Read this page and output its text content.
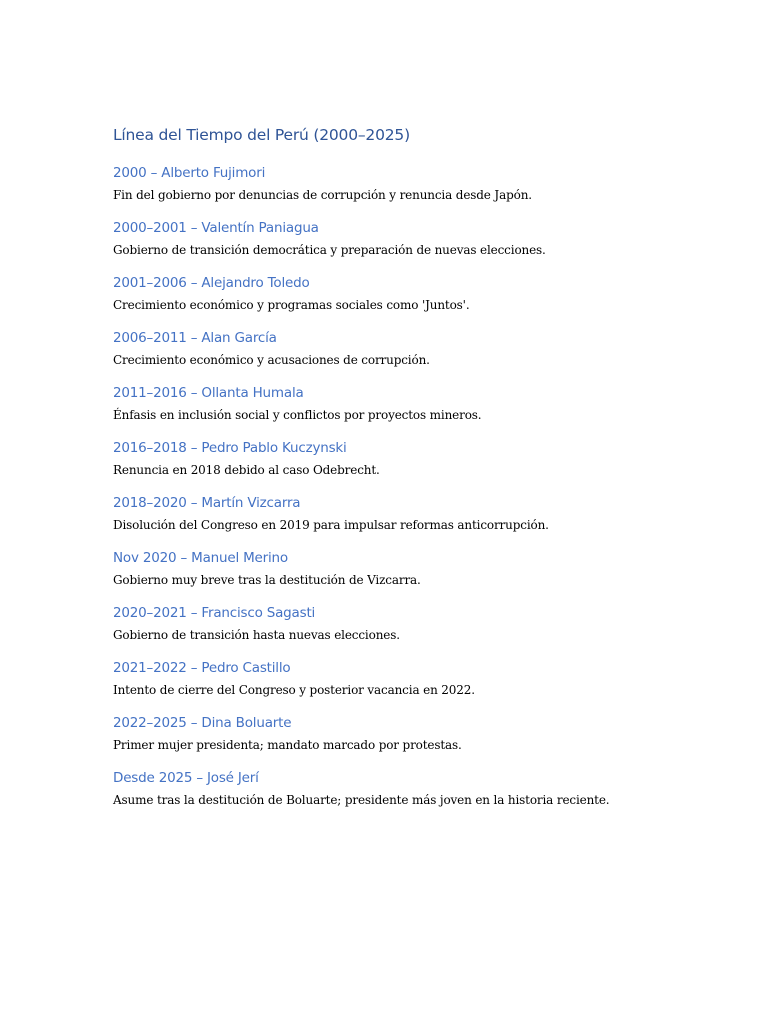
Línea del Tiempo del Perú (2000–2025)
2000 – Alberto Fujimori

Fin del gobierno por denuncias de corrupción y renuncia desde Japón.

2000–2001 – Valentín Paniagua

Gobierno de transición democrática y preparación de nuevas elecciones.

2001–2006 – Alejandro Toledo

Crecimiento económico y programas sociales como 'Juntos'.

2006–2011 – Alan García

Crecimiento económico y acusaciones de corrupción.

2011–2016 – Ollanta Humala

Énfasis en inclusión social y conflictos por proyectos mineros.

2016–2018 – Pedro Pablo Kuczynski

Renuncia en 2018 debido al caso Odebrecht.

2018–2020 – Martín Vizcarra

Disolución del Congreso en 2019 para impulsar reformas anticorrupción.

Nov 2020 – Manuel Merino

Gobierno muy breve tras la destitución de Vizcarra.

2020–2021 – Francisco Sagasti

Gobierno de transición hasta nuevas elecciones.

2021–2022 – Pedro Castillo

Intento de cierre del Congreso y posterior vacancia en 2022.

2022–2025 – Dina Boluarte

Primer mujer presidenta; mandato marcado por protestas.

Desde 2025 – José Jerí

Asume tras la destitución de Boluarte; presidente más joven en la historia reciente.
